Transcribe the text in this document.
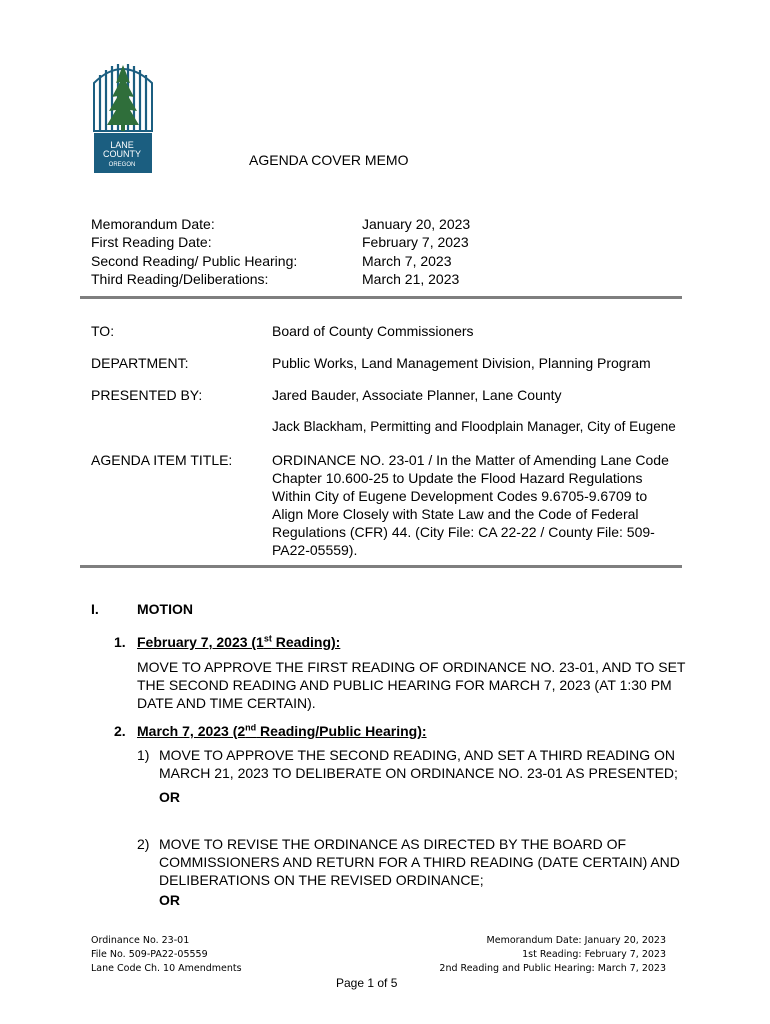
LANE
COUNTY
OREGON	AGENDA COVER MEMO
Memorandum Date:	January 20, 2023
First Reading Date:	February 7, 2023
Second Reading/ Public Hearing:	March 7, 2023
Third Reading/Deliberations:	March 21, 2023
TO:	Board of County Commissioners
DEPARTMENT:	Public Works, Land Management Division, Planning Program
PRESENTED BY:	Jared Bauder, Associate Planner, Lane County
Jack Blackham, Permitting and Floodplain Manager, City of Eugene
AGENDA ITEM TITLE:	ORDINANCE NO. 23-01 / In the Matter of Amending Lane Code
Chapter 10.600-25 to Update the Flood Hazard Regulations
Within City of Eugene Development Codes 9.6705-9.6709 to
Align More Closely with State Law and the Code of Federal
Regulations (CFR) 44. (City File: CA 22-22 / County File: 509-
PA22-05559).
I.	MOTION
1. February 7, 2023 (1st Reading):
MOVE TO APPROVE THE FIRST READING OF ORDINANCE NO. 23-01, AND TO SET
THE SECOND READING AND PUBLIC HEARING FOR MARCH 7, 2023 (AT 1:30 PM
DATE AND TIME CERTAIN).
2. March 7, 2023 (2nd Reading/Public Hearing):
1) MOVE TO APPROVE THE SECOND READING, AND SET A THIRD READING ON
MARCH 21, 2023 TO DELIBERATE ON ORDINANCE NO. 23-01 AS PRESENTED;
OR
2) MOVE TO REVISE THE ORDINANCE AS DIRECTED BY THE BOARD OF
COMMISSIONERS AND RETURN FOR A THIRD READING (DATE CERTAIN) AND
DELIBERATIONS ON THE REVISED ORDINANCE;
OR
Ordinance No. 23-01
File No. 509-PA22-05559
Lane Code Ch. 10 Amendments
Memorandum Date: January 20, 2023
1st Reading: February 7, 2023
2nd Reading and Public Hearing: March 7, 2023
Page 1 of 5
